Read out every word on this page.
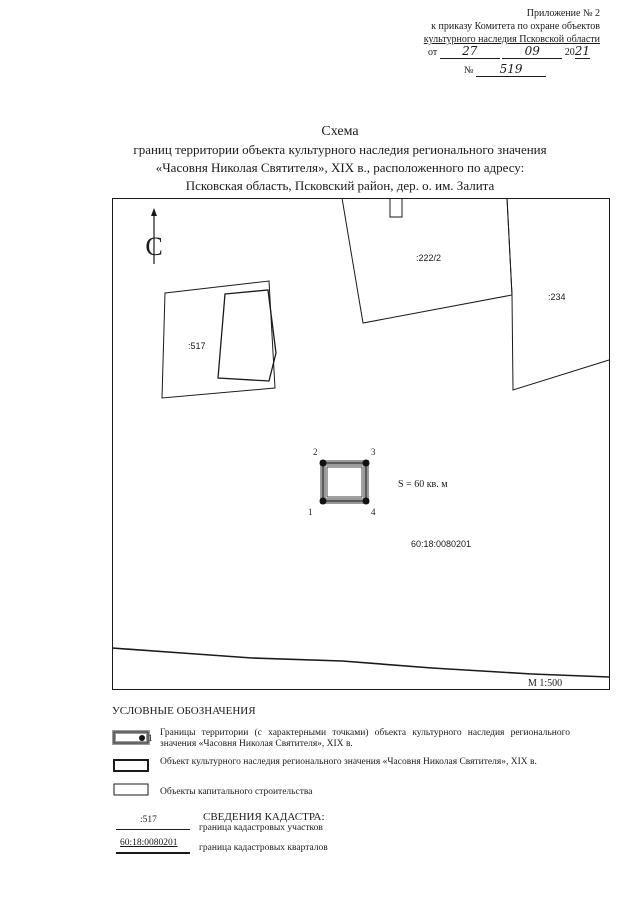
Приложение № 2
к приказу Комитета по охране объектов
культурного наследия Псковской области
от 27	09 2021
№ 519
Схема
границ территории объекта культурного наследия регионального значения
«Часовня Николая Святителя», XIX в., расположенного по адресу:
Псковская область, Псковский район, дер. о. им. Залита
С
:517
:222/2
:234
1
2	3
4
S = 60 кв. м
60:18:0080201
М 1:500
УСЛОВНЫЕ ОБОЗНАЧЕНИЯ
1
Границы территории (с характерными точками) объекта культурного наследия регионального значения «Часовня Николая Святителя», XIX в.
Объект культурного наследия регионального значения «Часовня Николая Святителя», XIX в.
Объекты капитального строительства
СВЕДЕНИЯ КАДАСТРА:
:517
граница кадастровых участков
60:18:0080201 граница кадастровых кварталов
